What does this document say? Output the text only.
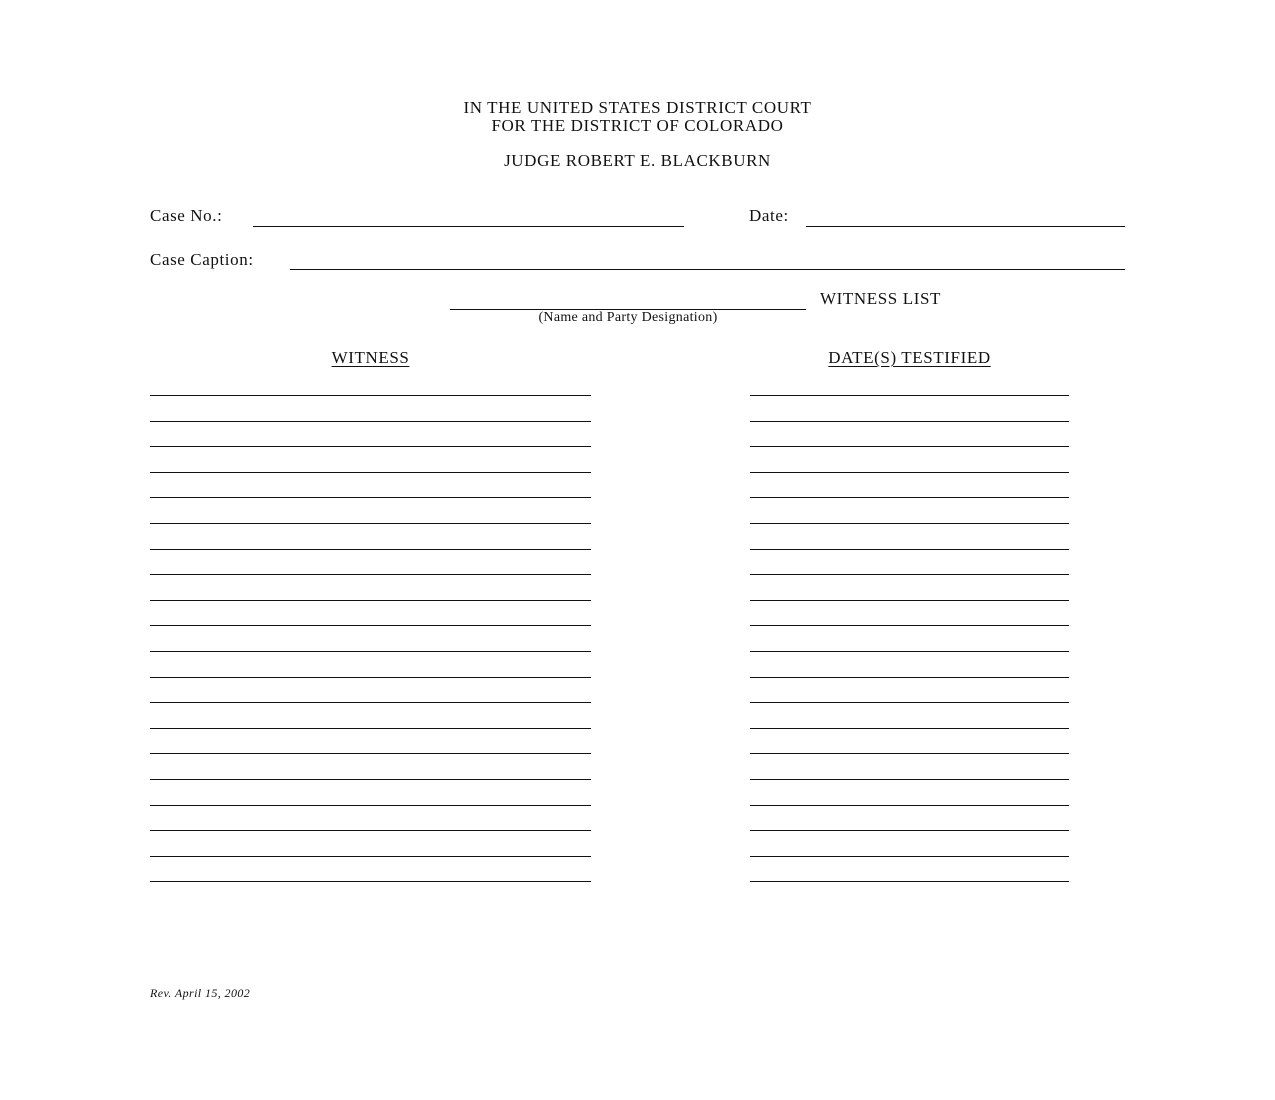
IN THE UNITED STATES DISTRICT COURT

FOR THE DISTRICT OF COLORADO

JUDGE ROBERT E. BLACKBURN

Case No.:	Date:
Case Caption:
(Name and Party Designation)
WITNESS LIST
WITNESS	DATE(S) TESTIFIED
Rev. April 15, 2002
